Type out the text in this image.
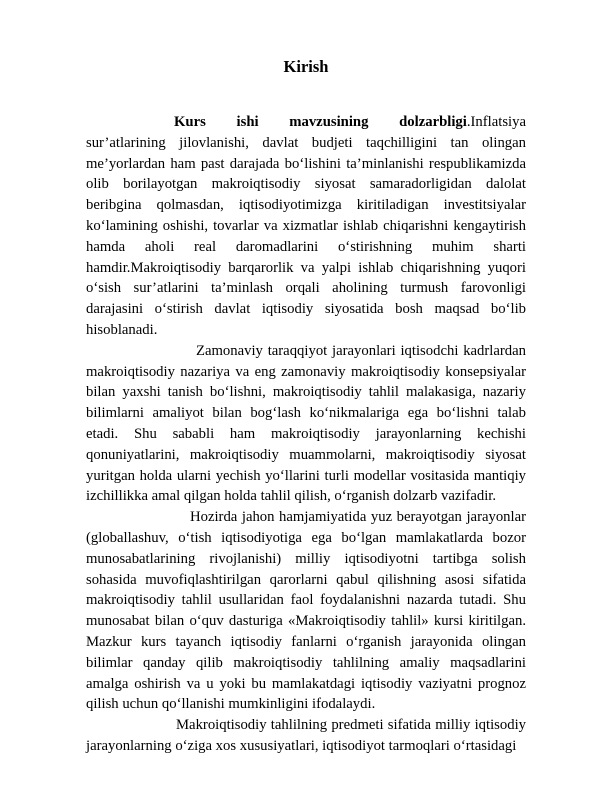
Kirish

Kurs ishi mavzusining dolzarbligi.Inflatsiya sur’atlarining jilovlanishi, davlat budjeti taqchilligini tan olingan me’yorlardan ham past darajada bo‘lishini ta’minlanishi respublikamizda olib borilayotgan makroiqtisodiy siyosat samaradorligidan dalolat beribgina qolmasdan, iqtisodiyotimizga kiritiladigan investitsiyalar ko‘lamining oshishi, tovarlar va xizmatlar ishlab chiqarishni kengaytirish hamda aholi real daromadlarini o‘stirishning muhim sharti hamdir.Makroiqtisodiy barqarorlik va yalpi ishlab chiqarishning yuqori o‘sish sur’atlarini ta’minlash orqali aholining turmush farovonligi darajasini o‘stirish davlat iqtisodiy siyosatida bosh maqsad bo‘lib hisoblanadi.

Zamonaviy taraqqiyot jarayonlari iqtisodchi kadrlardan makroiqtisodiy nazariya va eng zamonaviy makroiqtisodiy konsepsiyalar bilan yaxshi tanish bo‘lishni, makroiqtisodiy tahlil malakasiga, nazariy bilimlarni amaliyot bilan bog‘lash ko‘nikmalariga ega bo‘lishni talab etadi. Shu sababli ham makroiqtisodiy jarayonlarning kechishi qonuniyatlarini, makroiqtisodiy muammolarni, makroiqtisodiy siyosat yuritgan holda ularni yechish yo‘llarini turli modellar vositasida mantiqiy izchillikka amal qilgan holda tahlil qilish, o‘rganish dolzarb vazifadir.

Hozirda jahon hamjamiyatida yuz berayotgan jarayonlar (globallashuv, o‘tish iqtisodiyotiga ega bo‘lgan mamlakatlarda bozor munosabatlarining rivojlanishi) milliy iqtisodiyotni tartibga solish sohasida muvofiqlashtirilgan qarorlarni qabul qilishning asosi sifatida makroiqtisodiy tahlil usullaridan faol foydalanishni nazarda tutadi. Shu munosabat bilan o‘quv dasturiga «Makroiqtisodiy tahlil» kursi kiritilgan. Mazkur kurs tayanch iqtisodiy fanlarni o‘rganish jarayonida olingan bilimlar qanday qilib makroiqtisodiy tahlilning amaliy maqsadlarini amalga oshirish va u yoki bu mamlakatdagi iqtisodiy vaziyatni prognoz qilish uchun qo‘llanishi mumkinligini ifodalaydi.

Makroiqtisodiy tahlilning predmeti sifatida milliy iqtisodiy jarayonlarning o‘ziga xos xususiyatlari, iqtisodiyot tarmoqlari o‘rtasidagi
